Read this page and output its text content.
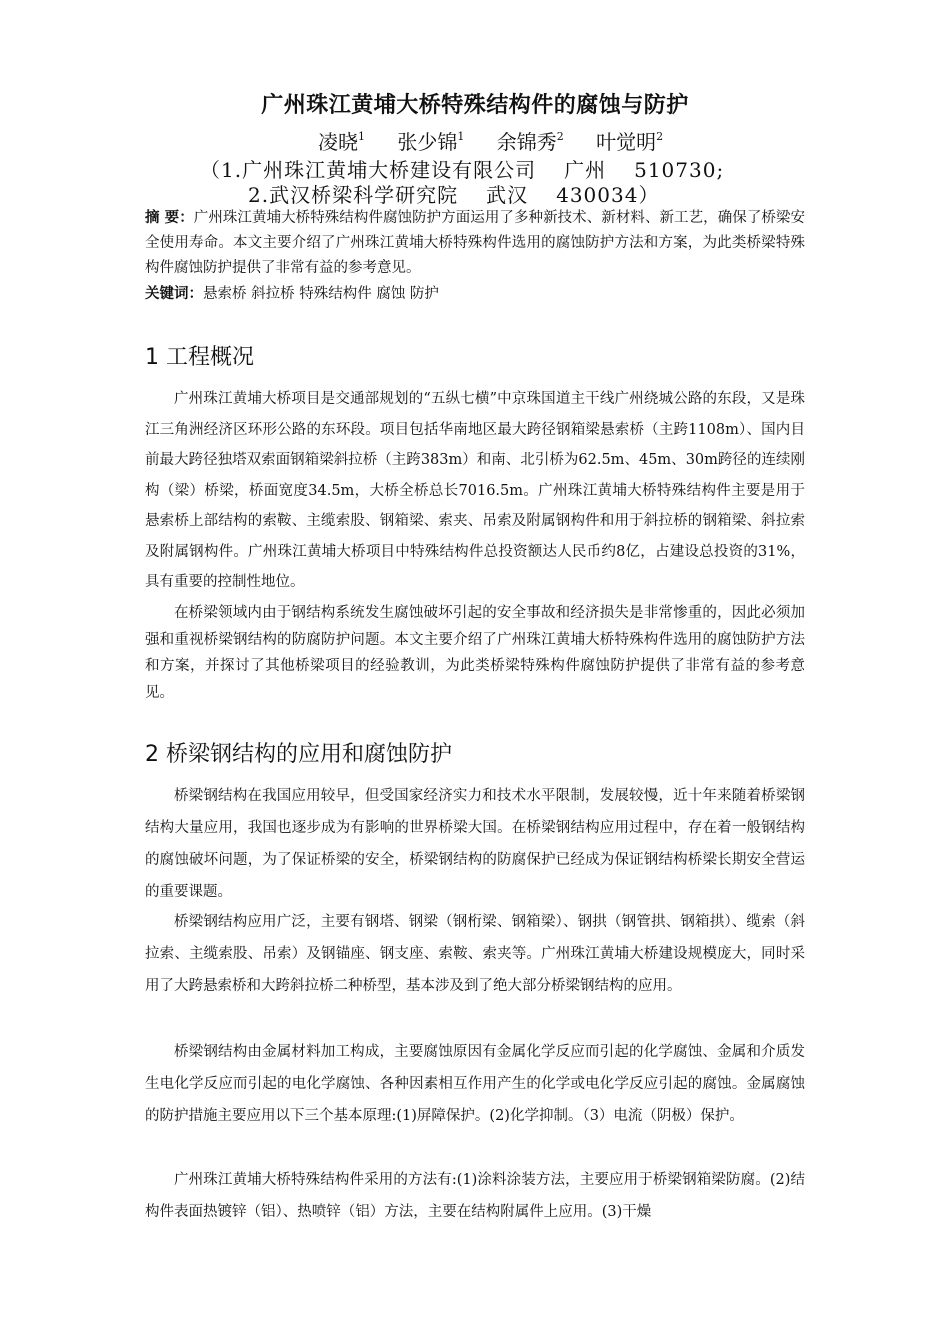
广州珠江黄埔大桥特殊结构件的腐蚀与防护
凌晓$^1$ 张少锦$^1$ 余锦秀$^2$ 叶觉明$^2$
（1.广州珠江黄埔大桥建设有限公司 广州 510730;
2.武汉桥梁科学研究院 武汉 430034）
摘 要：广州珠江黄埔大桥特殊结构件腐蚀防护方面运用了多种新技术、新材料、新工艺，确保了桥梁安全使用寿命。本文主要介绍了广州珠江黄埔大桥特殊构件选用的腐蚀防护方法和方案，为此类桥梁特殊构件腐蚀防护提供了非常有益的参考意见。
关键词：悬索桥 斜拉桥 特殊结构件 腐蚀 防护
1 工程概况

广州珠江黄埔大桥项目是交通部规划的“五纵七横”中京珠国道主干线广州绕城公路的东段，又是珠江三角洲经济区环形公路的东环段。项目包括华南地区最大跨径钢箱梁悬索桥（主跨1108m）、国内目前最大跨径独塔双索面钢箱梁斜拉桥（主跨383m）和南、北引桥为62.5m、45m、30m跨径的连续刚构（梁）桥梁，桥面宽度34.5m，大桥全桥总长7016.5m。广州珠江黄埔大桥特殊结构件主要是用于悬索桥上部结构的索鞍、主缆索股、钢箱梁、索夹、吊索及附属钢构件和用于斜拉桥的钢箱梁、斜拉索及附属钢构件。广州珠江黄埔大桥项目中特殊结构件总投资额达人民币约8亿，占建设总投资的31%，具有重要的控制性地位。

在桥梁领域内由于钢结构系统发生腐蚀破坏引起的安全事故和经济损失是非常惨重的，因此必须加强和重视桥梁钢结构的防腐防护问题。本文主要介绍了广州珠江黄埔大桥特殊构件选用的腐蚀防护方法和方案，并探讨了其他桥梁项目的经验教训，为此类桥梁特殊构件腐蚀防护提供了非常有益的参考意见。

2 桥梁钢结构的应用和腐蚀防护

桥梁钢结构在我国应用较早，但受国家经济实力和技术水平限制，发展较慢，近十年来随着桥梁钢结构大量应用，我国也逐步成为有影响的世界桥梁大国。在桥梁钢结构应用过程中，存在着一般钢结构的腐蚀破坏问题，为了保证桥梁的安全，桥梁钢结构的防腐保护已经成为保证钢结构桥梁长期安全营运的重要课题。

桥梁钢结构应用广泛，主要有钢塔、钢梁（钢桁梁、钢箱梁）、钢拱（钢管拱、钢箱拱）、缆索（斜拉索、主缆索股、吊索）及钢锚座、钢支座、索鞍、索夹等。广州珠江黄埔大桥建设规模庞大，同时采用了大跨悬索桥和大跨斜拉桥二种桥型，基本涉及到了绝大部分桥梁钢结构的应用。

桥梁钢结构由金属材料加工构成，主要腐蚀原因有金属化学反应而引起的化学腐蚀、金属和介质发生电化学反应而引起的电化学腐蚀、各种因素相互作用产生的化学或电化学反应引起的腐蚀。金属腐蚀的防护措施主要应用以下三个基本原理:(1)屏障保护。(2)化学抑制。（3）电流（阴极）保护。

广州珠江黄埔大桥特殊结构件采用的方法有:(1)涂料涂装方法，主要应用于桥梁钢箱梁防腐。(2)结构件表面热镀锌（铝）、热喷锌（铝）方法，主要在结构附属件上应用。(3)干燥
